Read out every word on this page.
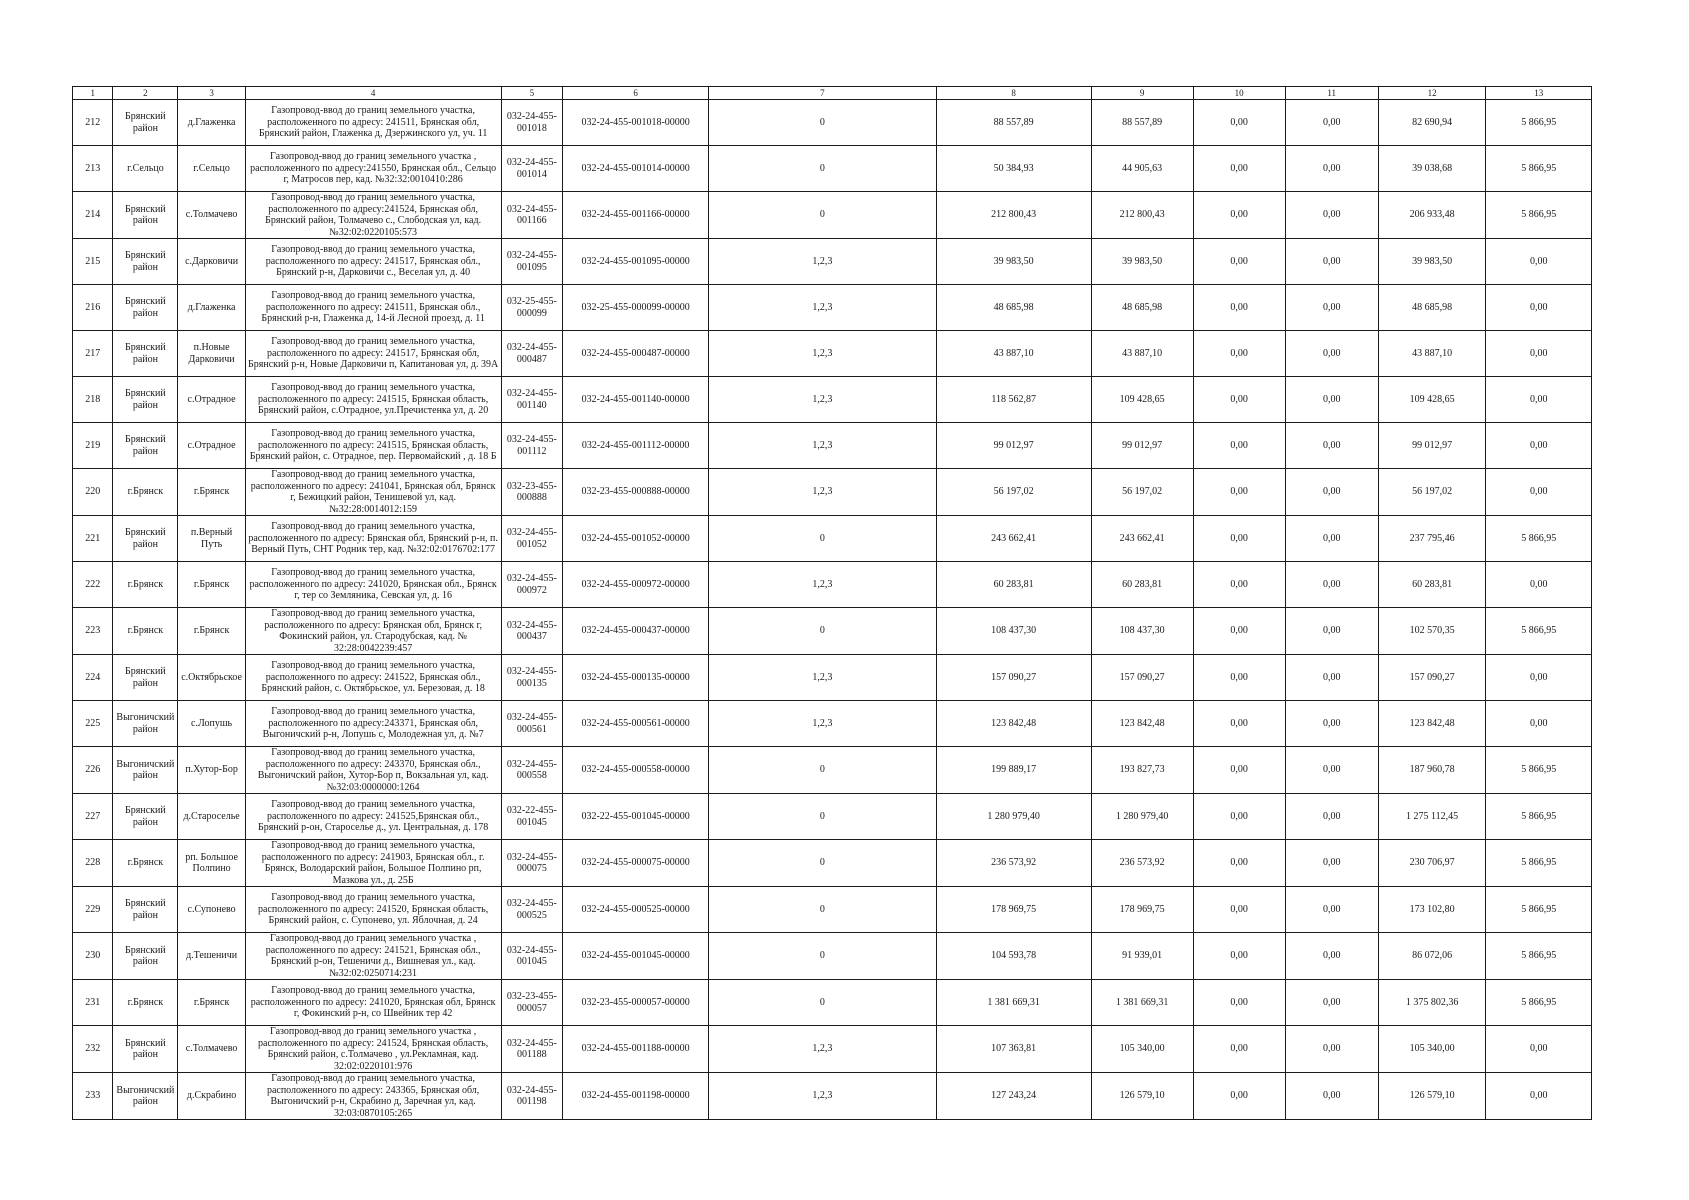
1	2	3	4	5	6	7	8	9	10	11	12	13
212	Брянский район	д.Глаженка	Газопровод-ввод до границ земельного участка, расположенного по адресу: 241511, Брянская обл, Брянский район, Глаженка д, Дзержинского ул, уч. 11	032-24-455-001018	032-24-455-001018-00000	0	88 557,89	88 557,89	0,00	0,00	82 690,94	5 866,95
213	г.Сельцо	г.Сельцо	Газопровод-ввод до границ земельного участка , расположенного по адресу:241550, Брянская обл., Сельцо г, Матросов пер, кад. №32:32:0010410:286	032-24-455-001014	032-24-455-001014-00000	0	50 384,93	44 905,63	0,00	0,00	39 038,68	5 866,95
214	Брянский район	с.Толмачево	Газопровод-ввод до границ земельного участка, расположенного по адресу:241524, Брянская обл, Брянский район, Толмачево с., Слободская ул, кад. №32:02:0220105:573	032-24-455-001166	032-24-455-001166-00000	0	212 800,43	212 800,43	0,00	0,00	206 933,48	5 866,95
215	Брянский район	с.Дарковичи	Газопровод-ввод до границ земельного участка, расположенного по адресу: 241517, Брянская обл., Брянский р-н, Дарковичи с., Веселая ул, д. 40	032-24-455-001095	032-24-455-001095-00000	1,2,3	39 983,50	39 983,50	0,00	0,00	39 983,50	0,00
216	Брянский район	д.Глаженка	Газопровод-ввод до границ земельного участка, расположенного по адресу: 241511, Брянская обл., Брянский р-н, Глаженка д, 14-й Лесной проезд, д. 11	032-25-455-000099	032-25-455-000099-00000	1,2,3	48 685,98	48 685,98	0,00	0,00	48 685,98	0,00
217	Брянский район	п.Новые Дарковичи	Газопровод-ввод до границ земельного участка, расположенного по адресу: 241517, Брянская обл, Брянский р-н, Новые Дарковичи п, Капитановая ул, д. 39А	032-24-455-000487	032-24-455-000487-00000	1,2,3	43 887,10	43 887,10	0,00	0,00	43 887,10	0,00
218	Брянский район	с.Отрадное	Газопровод-ввод до границ земельного участка, расположенного по адресу: 241515, Брянская область, Брянский район, с.Отрадное, ул.Пречистенка ул, д. 20	032-24-455-001140	032-24-455-001140-00000	1,2,3	118 562,87	109 428,65	0,00	0,00	109 428,65	0,00
219	Брянский район	с.Отрадное	Газопровод-ввод до границ земельного участка, расположенного по адресу: 241515, Брянская область, Брянский район, с. Отрадное, пер. Первомайский , д. 18 Б	032-24-455-001112	032-24-455-001112-00000	1,2,3	99 012,97	99 012,97	0,00	0,00	99 012,97	0,00
220	г.Брянск	г.Брянск	Газопровод-ввод до границ земельного участка, расположенного по адресу: 241041, Брянская обл, Брянск г, Бежицкий район, Тенишевой ул, кад. №32:28:0014012:159	032-23-455-000888	032-23-455-000888-00000	1,2,3	56 197,02	56 197,02	0,00	0,00	56 197,02	0,00
221	Брянский район	п.Верный Путь	Газопровод-ввод до границ земельного участка, расположенного по адресу: Брянская обл, Брянский р-н, п. Верный Путь, СНТ Родник тер, кад. №32:02:0176702:177	032-24-455-001052	032-24-455-001052-00000	0	243 662,41	243 662,41	0,00	0,00	237 795,46	5 866,95
222	г.Брянск	г.Брянск	Газопровод-ввод до границ земельного участка, расположенного по адресу: 241020, Брянская обл., Брянск г, тер со Земляника, Севская ул, д. 16	032-24-455-000972	032-24-455-000972-00000	1,2,3	60 283,81	60 283,81	0,00	0,00	60 283,81	0,00
223	г.Брянск	г.Брянск	Газопровод-ввод до границ земельного участка, расположенного по адресу: Брянская обл, Брянск г, Фокинский район, ул. Стародубская, кад. № 32:28:0042239:457	032-24-455-000437	032-24-455-000437-00000	0	108 437,30	108 437,30	0,00	0,00	102 570,35	5 866,95
224	Брянский район	с.Октябрьское	Газопровод-ввод до границ земельного участка, расположенного по адресу: 241522, Брянская обл., Брянский район, с. Октябрьское, ул. Березовая, д. 18	032-24-455-000135	032-24-455-000135-00000	1,2,3	157 090,27	157 090,27	0,00	0,00	157 090,27	0,00
225	Выгоничский район	с.Лопушь	Газопровод-ввод до границ земельного участка, расположенного по адресу:243371, Брянская обл, Выгоничский р-н, Лопушь с, Молодежная ул, д. №7	032-24-455-000561	032-24-455-000561-00000	1,2,3	123 842,48	123 842,48	0,00	0,00	123 842,48	0,00
226	Выгоничский район	п.Хутор-Бор	Газопровод-ввод до границ земельного участка, расположенного по адресу: 243370, Брянская обл., Выгоничский район, Хутор-Бор п, Вокзальная ул, кад. №32:03:0000000:1264	032-24-455-000558	032-24-455-000558-00000	0	199 889,17	193 827,73	0,00	0,00	187 960,78	5 866,95
227	Брянский район	д.Староселье	Газопровод-ввод до границ земельного участка, расположенного по адресу: 241525,Брянская обл., Брянский р-он, Староселье д., ул. Центральная, д. 178	032-22-455-001045	032-22-455-001045-00000	0	1 280 979,40	1 280 979,40	0,00	0,00	1 275 112,45	5 866,95
228	г.Брянск	рп. Большое Полпино	Газопровод-ввод до границ земельного участка, расположенного по адресу: 241903, Брянская обл., г. Брянск, Володарский район, Большое Полпино рп, Мазкова ул., д. 25Б	032-24-455-000075	032-24-455-000075-00000	0	236 573,92	236 573,92	0,00	0,00	230 706,97	5 866,95
229	Брянский район	с.Супонево	Газопровод-ввод до границ земельного участка, расположенного по адресу: 241520, Брянская область, Брянский район, с. Супонево, ул. Яблочная, д. 24	032-24-455-000525	032-24-455-000525-00000	0	178 969,75	178 969,75	0,00	0,00	173 102,80	5 866,95
230	Брянский район	д.Тешеничи	Газопровод-ввод до границ земельного участка , расположенного по адресу: 241521, Брянская обл., Брянский р-он, Тешеничи д., Вишневая ул., кад. №32:02:0250714:231	032-24-455-001045	032-24-455-001045-00000	0	104 593,78	91 939,01	0,00	0,00	86 072,06	5 866,95
231	г.Брянск	г.Брянск	Газопровод-ввод до границ земельного участка, расположенного по адресу: 241020, Брянская обл, Брянск г, Фокинский р-н, со Швейник тер 42	032-23-455-000057	032-23-455-000057-00000	0	1 381 669,31	1 381 669,31	0,00	0,00	1 375 802,36	5 866,95
232	Брянский район	с.Толмачево	Газопровод-ввод до границ земельного участка , расположенного по адресу: 241524, Брянская область, Брянский район, с.Толмачево , ул.Рекламная, кад. 32:02:0220101:976	032-24-455-001188	032-24-455-001188-00000	1,2,3	107 363,81	105 340,00	0,00	0,00	105 340,00	0,00
233	Выгоничский район	д.Скрабино	Газопровод-ввод до границ земельного участка, расположенного по адресу: 243365, Брянская обл, Выгоничский р-н, Скрабино д, Заречная ул, кад. 32:03:0870105:265	032-24-455-001198	032-24-455-001198-00000	1,2,3	127 243,24	126 579,10	0,00	0,00	126 579,10	0,00
